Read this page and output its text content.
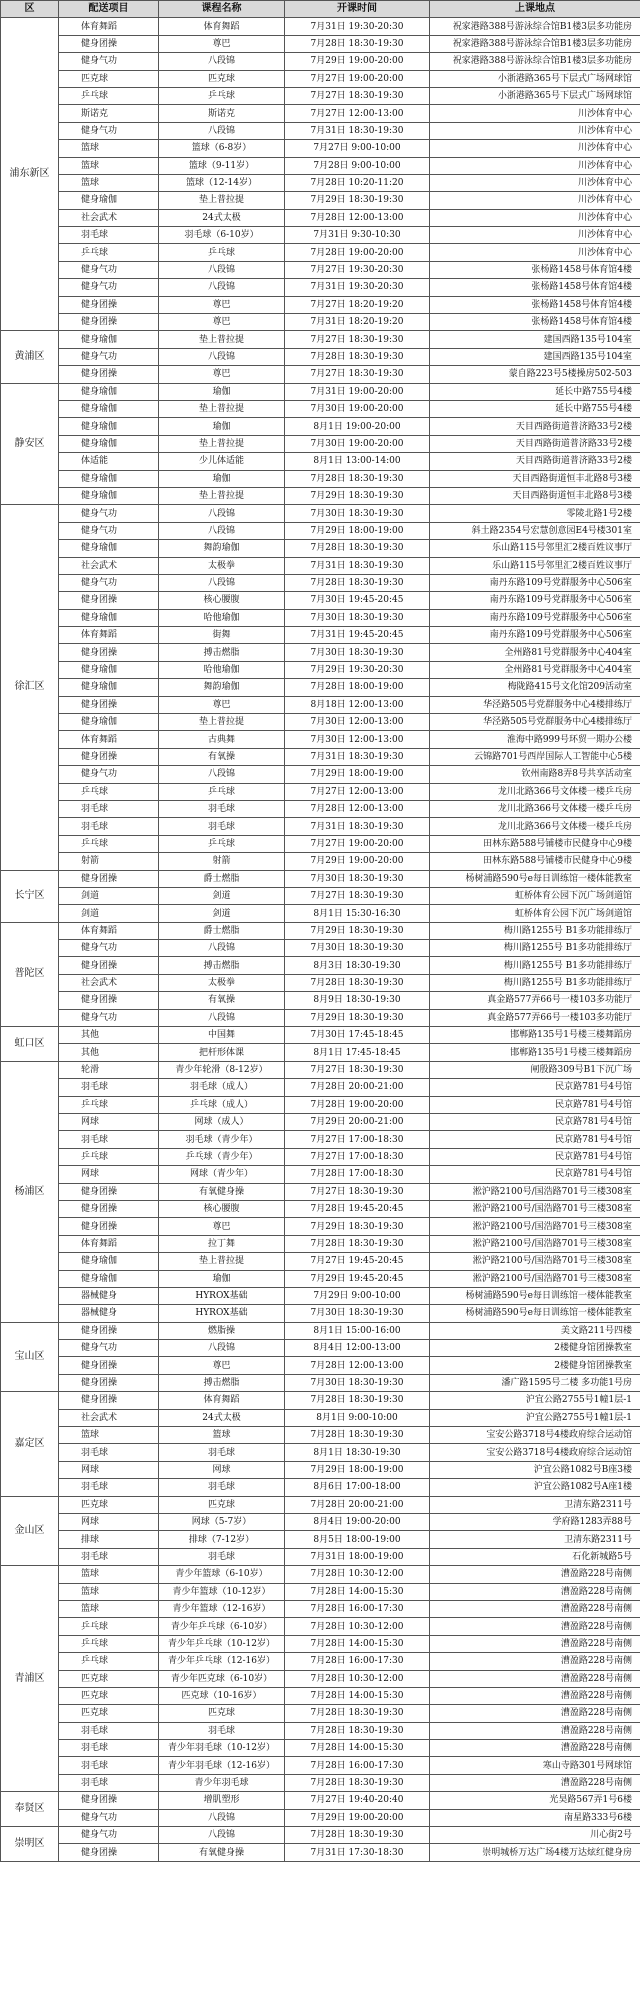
区	配送项目	课程名称	开课时间	上课地点
浦东新区	体育舞蹈	体育舞蹈	7月31日 19:30-20:30	祝家港路388号游泳综合馆B1楼3层多功能房
	健身团操	尊巴	7月28日 18:30-19:30	祝家港路388号游泳综合馆B1楼3层多功能房
	健身气功	八段锦	7月29日 19:00-20:00	祝家港路388号游泳综合馆B1楼3层多功能房
	匹克球	匹克球	7月27日 19:00-20:00	小浙港路365号下层式广场网球馆
	乒乓球	乒乓球	7月27日 18:30-19:30	小浙港路365号下层式广场网球馆
	斯诺克	斯诺克	7月27日 12:00-13:00	川沙体育中心
	健身气功	八段锦	7月31日 18:30-19:30	川沙体育中心
	篮球	篮球（6-8岁）	7月27日 9:00-10:00	川沙体育中心
	篮球	篮球（9-11岁）	7月28日 9:00-10:00	川沙体育中心
	篮球	篮球（12-14岁）	7月28日 10:20-11:20	川沙体育中心
	健身瑜伽	垫上普拉提	7月29日 18:30-19:30	川沙体育中心
	社会武术	24式太极	7月28日 12:00-13:00	川沙体育中心
	羽毛球	羽毛球（6-10岁）	7月31日 9:30-10:30	川沙体育中心
	乒乓球	乒乓球	7月28日 19:00-20:00	川沙体育中心
	健身气功	八段锦	7月27日 19:30-20:30	张杨路1458号体育馆4楼
	健身气功	八段锦	7月31日 19:30-20:30	张杨路1458号体育馆4楼
	健身团操	尊巴	7月27日 18:20-19:20	张杨路1458号体育馆4楼
	健身团操	尊巴	7月31日 18:20-19:20	张杨路1458号体育馆4楼
黄浦区	健身瑜伽	垫上普拉提	7月27日 18:30-19:30	建国西路135号104室
	健身气功	八段锦	7月28日 18:30-19:30	建国西路135号104室
	健身团操	尊巴	7月27日 18:30-19:30	蒙自路223号5楼操房502-503
静安区	健身瑜伽	瑜伽	7月31日 19:00-20:00	延长中路755号4楼
	健身瑜伽	垫上普拉提	7月30日 19:00-20:00	延长中路755号4楼
	健身瑜伽	瑜伽	8月1日 19:00-20:00	天目西路街道普济路33号2楼
	健身瑜伽	垫上普拉提	7月30日 19:00-20:00	天目西路街道普济路33号2楼
	体适能	少儿体适能	8月1日 13:00-14:00	天目西路街道普济路33号2楼
	健身瑜伽	瑜伽	7月28日 18:30-19:30	天目西路街道恒丰北路8号3楼
	健身瑜伽	垫上普拉提	7月29日 18:30-19:30	天目西路街道恒丰北路8号3楼
徐汇区	健身气功	八段锦	7月30日 18:30-19:30	零陵北路1号2楼
	健身气功	八段锦	7月29日 18:00-19:00	斜土路2354号宏慧创意园E4号楼301室
	健身瑜伽	舞韵瑜伽	7月28日 18:30-19:30	乐山路115号邻里汇2楼百姓议事厅
	社会武术	太极拳	7月31日 18:30-19:30	乐山路115号邻里汇2楼百姓议事厅
	健身气功	八段锦	7月28日 18:30-19:30	南丹东路109号党群服务中心506室
	健身团操	核心腰腹	7月30日 19:45-20:45	南丹东路109号党群服务中心506室
	健身瑜伽	哈他瑜伽	7月30日 18:30-19:30	南丹东路109号党群服务中心506室
	体育舞蹈	街舞	7月31日 19:45-20:45	南丹东路109号党群服务中心506室
	健身团操	搏击燃脂	7月30日 18:30-19:30	全州路81号党群服务中心404室
	健身瑜伽	哈他瑜伽	7月29日 19:30-20:30	全州路81号党群服务中心404室
	健身瑜伽	舞韵瑜伽	7月28日 18:00-19:00	梅陇路415号文化馆209活动室
	健身团操	尊巴	8月18日 12:00-13:00	华泾路505号党群服务中心4楼排练厅
	健身瑜伽	垫上普拉提	7月30日 12:00-13:00	华泾路505号党群服务中心4楼排练厅
	体育舞蹈	古典舞	7月30日 12:00-13:00	淮海中路999号环贸一期办公楼
	健身团操	有氧操	7月31日 18:30-19:30	云锦路701号西岸国际人工智能中心5楼
	健身气功	八段锦	7月29日 18:00-19:00	钦州南路8弄8号共享活动室
	乒乓球	乒乓球	7月27日 12:00-13:00	龙川北路366号文体楼一楼乒乓房
	羽毛球	羽毛球	7月28日 12:00-13:00	龙川北路366号文体楼一楼乒乓房
	羽毛球	羽毛球	7月31日 18:30-19:30	龙川北路366号文体楼一楼乒乓房
	乒乓球	乒乓球	7月27日 19:00-20:00	田林东路588号铺楼市民健身中心9楼
	射箭	射箭	7月29日 19:00-20:00	田林东路588号铺楼市民健身中心9楼
长宁区	健身团操	爵士燃脂	7月30日 18:30-19:30	杨树浦路590号e每日训练馆一楼体能教室
	剑道	剑道	7月27日 18:30-19:30	虹桥体育公园下沉广场剑道馆
	剑道	剑道	8月1日 15:30-16:30	虹桥体育公园下沉广场剑道馆
普陀区	体育舞蹈	爵士燃脂	7月29日 18:30-19:30	梅川路1255号 B1多功能排练厅
	健身气功	八段锦	7月30日 18:30-19:30	梅川路1255号 B1多功能排练厅
	健身团操	搏击燃脂	8月3日 18:30-19:30	梅川路1255号 B1多功能排练厅
	社会武术	太极拳	7月28日 18:30-19:30	梅川路1255号 B1多功能排练厅
	健身团操	有氧操	8月9日 18:30-19:30	真金路577弄66号一楼103多功能厅
	健身气功	八段锦	7月29日 18:30-19:30	真金路577弄66号一楼103多功能厅
虹口区	其他	中国舞	7月30日 17:45-18:45	邯郸路135号1号楼三楼舞蹈房
	其他	把杆形体课	8月1日 17:45-18:45	邯郸路135号1号楼三楼舞蹈房
杨浦区	轮滑	青少年轮滑（8-12岁）	7月27日 18:30-19:30	闸殷路309号B1下沉广场
	羽毛球	羽毛球（成人）	7月28日 20:00-21:00	民京路781号4号馆
	乒乓球	乒乓球（成人）	7月28日 19:00-20:00	民京路781号4号馆
	网球	网球（成人）	7月29日 20:00-21:00	民京路781号4号馆
	羽毛球	羽毛球（青少年）	7月27日 17:00-18:30	民京路781号4号馆
	乒乓球	乒乓球（青少年）	7月27日 17:00-18:30	民京路781号4号馆
	网球	网球（青少年）	7月28日 17:00-18:30	民京路781号4号馆
	健身团操	有氧健身操	7月27日 18:30-19:30	淞沪路2100号/国浩路701号三楼308室
	健身团操	核心腰腹	7月28日 19:45-20:45	淞沪路2100号/国浩路701号三楼308室
	健身团操	尊巴	7月29日 18:30-19:30	淞沪路2100号/国浩路701号三楼308室
	体育舞蹈	拉丁舞	7月28日 18:30-19:30	淞沪路2100号/国浩路701号三楼308室
	健身瑜伽	垫上普拉提	7月27日 19:45-20:45	淞沪路2100号/国浩路701号三楼308室
	健身瑜伽	瑜伽	7月29日 19:45-20:45	淞沪路2100号/国浩路701号三楼308室
	器械健身	HYROX基础	7月29日 9:00-10:00	杨树浦路590号e每日训练馆一楼体能教室
	器械健身	HYROX基础	7月30日 18:30-19:30	杨树浦路590号e每日训练馆一楼体能教室
宝山区	健身团操	燃脂操	8月1日 15:00-16:00	美文路211号四楼
	健身气功	八段锦	8月4日 12:00-13:00	2楼健身馆团操教室
	健身团操	尊巴	7月28日 12:00-13:00	2楼健身馆团操教室
	健身团操	搏击燃脂	7月30日 18:30-19:30	潘广路1595号二楼 多功能1号房
嘉定区	健身团操	体育舞蹈	7月28日 18:30-19:30	沪宜公路2755号1幢1层-1
	社会武术	24式太极	8月1日 9:00-10:00	沪宜公路2755号1幢1层-1
	篮球	篮球	7月28日 18:30-19:30	宝安公路3718号4楼政府综合运动馆
	羽毛球	羽毛球	8月1日 18:30-19:30	宝安公路3718号4楼政府综合运动馆
	网球	网球	7月29日 18:00-19:00	沪宜公路1082号B座3楼
	羽毛球	羽毛球	8月6日 17:00-18:00	沪宜公路1082号A座1楼
金山区	匹克球	匹克球	7月28日 20:00-21:00	卫清东路2311号
	网球	网球（5-7岁）	8月4日 19:00-20:00	学府路1283弄88号
	排球	排球（7-12岁）	8月5日 18:00-19:00	卫清东路2311号
	羽毛球	羽毛球	7月31日 18:00-19:00	石化新城路5号
青浦区	篮球	青少年篮球（6-10岁）	7月28日 10:30-12:00	漕盈路228号南侧
	篮球	青少年篮球（10-12岁）	7月28日 14:00-15:30	漕盈路228号南侧
	篮球	青少年篮球（12-16岁）	7月28日 16:00-17:30	漕盈路228号南侧
	乒乓球	青少年乒乓球（6-10岁）	7月28日 10:30-12:00	漕盈路228号南侧
	乒乓球	青少年乒乓球（10-12岁）	7月28日 14:00-15:30	漕盈路228号南侧
	乒乓球	青少年乒乓球（12-16岁）	7月28日 16:00-17:30	漕盈路228号南侧
	匹克球	青少年匹克球（6-10岁）	7月28日 10:30-12:00	漕盈路228号南侧
	匹克球	匹克球（10-16岁）	7月28日 14:00-15:30	漕盈路228号南侧
	匹克球	匹克球	7月28日 18:30-19:30	漕盈路228号南侧
	羽毛球	羽毛球	7月28日 18:30-19:30	漕盈路228号南侧
	羽毛球	青少年羽毛球（10-12岁）	7月28日 14:00-15:30	漕盈路228号南侧
	羽毛球	青少年羽毛球（12-16岁）	7月28日 16:00-17:30	寒山寺路301号网球馆
	羽毛球	青少年羽毛球	7月28日 18:30-19:30	漕盈路228号南侧
奉贤区	健身团操	增肌塑形	7月27日 19:40-20:40	光昊路567弄1号6楼
	健身气功	八段锦	7月29日 19:00-20:00	南星路333号6楼
崇明区	健身气功	八段锦	7月28日 18:30-19:30	川心街2号
	健身团操	有氧健身操	7月31日 17:30-18:30	崇明城桥万达广场4楼万达炫红健身房
